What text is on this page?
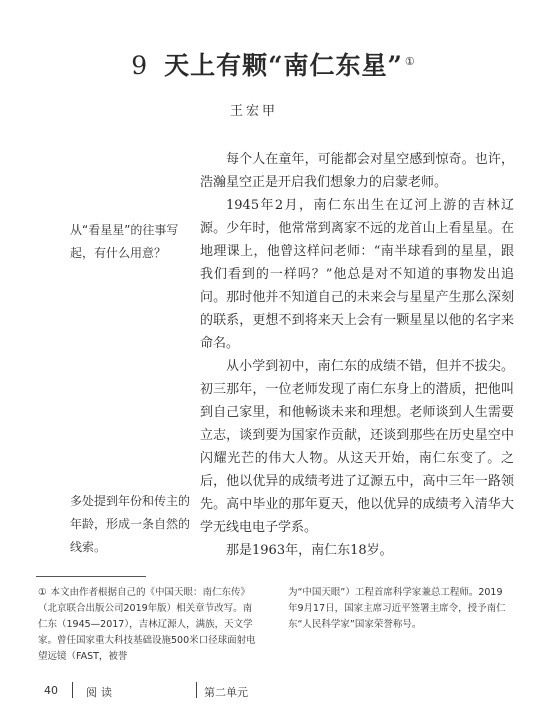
9 天上有颗“南仁东星” ①
王宏甲

每个人在童年，可能都会对星空感到惊奇。也许，浩瀚星空正是开启我们想象力的启蒙老师。

1945年2月，南仁东出生在辽河上游的吉林辽源。少年时，他常常到离家不远的龙首山上看星星。在地理课上，他曾这样问老师：“南半球看到的星星，跟我们看到的一样吗？”他总是对不知道的事物发出追问。那时他并不知道自己的未来会与星星产生那么深刻的联系，更想不到将来天上会有一颗星星以他的名字来命名。

从小学到初中，南仁东的成绩不错，但并不拔尖。初三那年，一位老师发现了南仁东身上的潜质，把他叫到自己家里，和他畅谈未来和理想。老师谈到人生需要立志，谈到要为国家作贡献，还谈到那些在历史星空中闪耀光芒的伟大人物。从这天开始，南仁东变了。之后，他以优异的成绩考进了辽源五中，高中三年一路领先。高中毕业的那年夏天，他以优异的成绩考入清华大学无线电电子学系。

那是1963年，南仁东18岁。

从“看星星”的往事写起，有什么用意？
多处提到年份和传主的年龄，形成一条自然的线索。
① 本文由作者根据自己的《中国天眼：南仁东传》（北京联合出版公司2019年版）相关章节改写。南仁东（1945—2017），吉林辽源人，满族，天文学家。曾任国家重大科技基础设施500米口径球面射电望远镜（FAST，被誉
为“中国天眼”）工程首席科学家兼总工程师。2019年9月17日，国家主席习近平签署主席令，授予南仁东“人民科学家”国家荣誉称号。
40	阅读	第二单元
